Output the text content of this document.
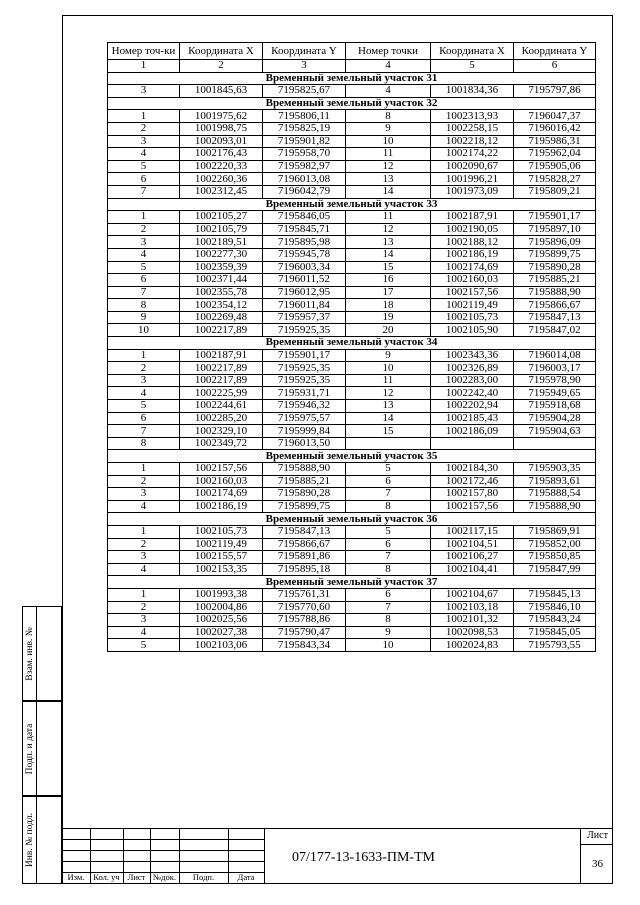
Взам. инв. №
Подп. и дата
Инв. № подл.
Номер точ-ки	Координата X	Координата Y	Номер точки	Координата X	Координата Y
1	2	3	4	5	6
Временный земельный участок 31					
3	1001845,63	7195825,67	4	1001834,36	7195797,86
Временный земельный участок 32					
1	1001975,62	7195806,11	8	1002313,93	7196047,37
2	1001998,75	7195825,19	9	1002258,15	7196016,42
3	1002093,01	7195901,82	10	1002218,12	7195986,31
4	1002176,43	7195958,70	11	1002174,22	7195962,04
5	1002220,33	7195982,97	12	1002090,67	7195905,06
6	1002260,36	7196013,08	13	1001996,21	7195828,27
7	1002312,45	7196042,79	14	1001973,09	7195809,21
Временный земельный участок 33					
1	1002105,27	7195846,05	11	1002187,91	7195901,17
2	1002105,79	7195845,71	12	1002190,05	7195897,10
3	1002189,51	7195895,98	13	1002188,12	7195896,09
4	1002277,30	7195945,78	14	1002186,19	7195899,75
5	1002359,39	7196003,34	15	1002174,69	7195890,28
6	1002371,44	7196011,52	16	1002160,03	7195885,21
7	1002355,78	7196012,95	17	1002157,56	7195888,90
8	1002354,12	7196011,84	18	1002119,49	7195866,67
9	1002269,48	7195957,37	19	1002105,73	7195847,13
10	1002217,89	7195925,35	20	1002105,90	7195847,02
Временный земельный участок 34					
1	1002187,91	7195901,17	9	1002343,36	7196014,08
2	1002217,89	7195925,35	10	1002326,89	7196003,17
3	1002217,89	7195925,35	11	1002283,00	7195978,90
4	1002225,99	7195931,71	12	1002242,40	7195949,65
5	1002244,61	7195946,32	13	1002202,94	7195918,68
6	1002285,20	7195975,57	14	1002185,43	7195904,28
7	1002329,10	7195999,84	15	1002186,09	7195904,63
8	1002349,72	7196013,50			
Временный земельный участок 35					
1	1002157,56	7195888,90	5	1002184,30	7195903,35
2	1002160,03	7195885,21	6	1002172,46	7195893,61
3	1002174,69	7195890,28	7	1002157,80	7195888,54
4	1002186,19	7195899,75	8	1002157,56	7195888,90
Временный земельный участок 36					
1	1002105,73	7195847,13	5	1002117,15	7195869,91
2	1002119,49	7195866,67	6	1002104,51	7195852,00
3	1002155,57	7195891,86	7	1002106,27	7195850,85
4	1002153,35	7195895,18	8	1002104,41	7195847,99
Временный земельный участок 37					
1	1001993,38	7195761,31	6	1002104,67	7195845,13
2	1002004,86	7195770,60	7	1002103,18	7195846,10
3	1002025,56	7195788,86	8	1002101,32	7195843,24
4	1002027,38	7195790,47	9	1002098,53	7195845,05
5	1002103,06	7195843,34	10	1002024,83	7195793,55
Изм.	Кол. уч Лист №док.	Подп.	Дата
07/177-13-1633-ПМ-ТМ
Лист
36
